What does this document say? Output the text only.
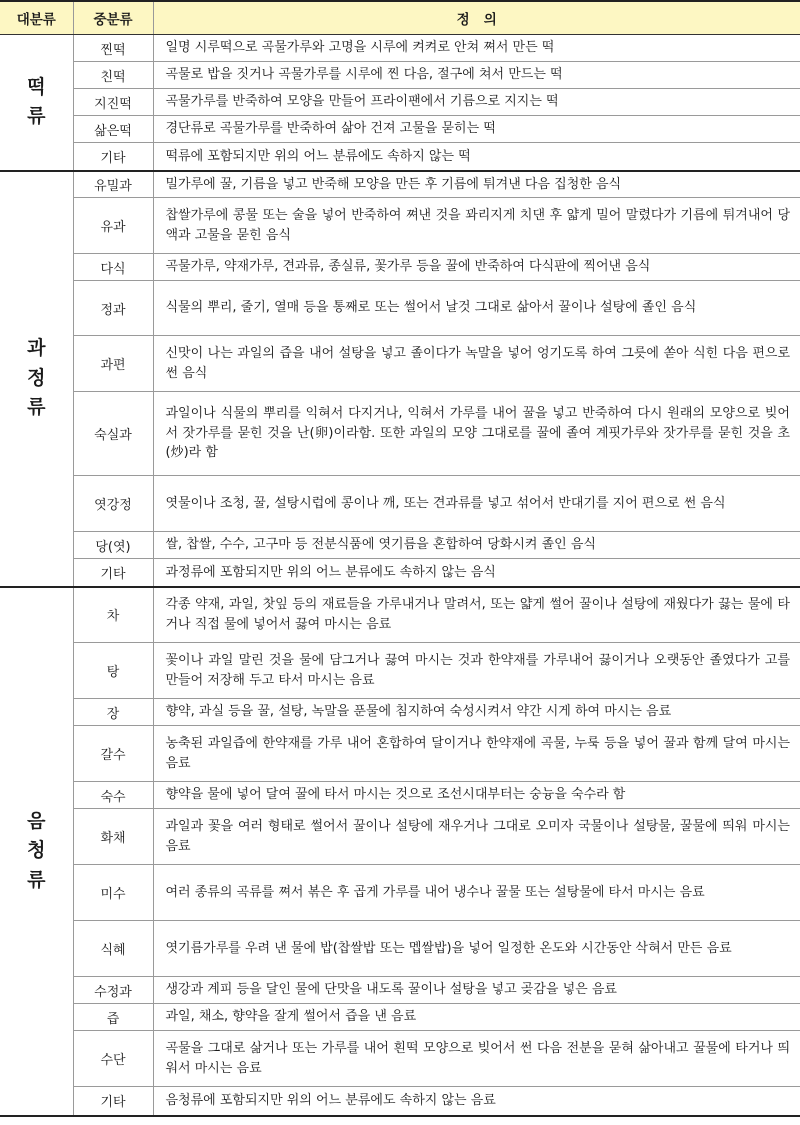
대분류	중분류	정   의
떡류	찐떡	일명 시루떡으로 곡물가루와 고명을 시루에 켜켜로 안쳐 쪄서 만든 떡
	친떡	곡물로 밥을 짓거나 곡물가루를 시루에 찐 다음, 절구에 쳐서 만드는 떡
	지진떡	곡물가루를 반죽하여 모양을 만들어 프라이팬에서 기름으로 지지는 떡
	삶은떡	경단류로 곡물가루를 반죽하여 삶아 건져 고물을 묻히는 떡
	기타	떡류에 포함되지만 위의 어느 분류에도 속하지 않는 떡
과정류	유밀과	밀가루에 꿀, 기름을 넣고 반죽해 모양을 만든 후 기름에 튀겨낸 다음 집청한 음식
	유과	찹쌀가루에 콩물 또는 술을 넣어 반죽하여 쪄낸 것을 꽈리지게 치댄 후 얇게 밀어 말렸다가 기름에 튀겨내어 당액과 고물을 묻힌 음식
	다식	곡물가루, 약재가루, 견과류, 종실류, 꽃가루 등을 꿀에 반죽하여 다식판에 찍어낸 음식
	정과	식물의 뿌리, 줄기, 열매 등을 통째로 또는 썰어서 날것 그대로 삶아서 꿀이나 설탕에 졸인 음식
	과편	신맛이 나는 과일의 즙을 내어 설탕을 넣고 졸이다가 녹말을 넣어 엉기도록 하여 그릇에 쏟아 식힌 다음 편으로 썬 음식
	숙실과	과일이나 식물의 뿌리를 익혀서 다지거나, 익혀서 가루를 내어 꿀을 넣고 반죽하여 다시 원래의 모양으로 빚어서 잣가루를 묻힌 것을 난(卵)이라함. 또한 과일의 모양 그대로를 꿀에 졸여 계핏가루와 잣가루를 묻힌 것을 초(炒)라 함
	엿강정	엿물이나 조청, 꿀, 설탕시럽에 콩이나 깨, 또는 견과류를 넣고 섞어서 반대기를 지어 편으로 썬 음식
	당(엿)	쌀, 찹쌀, 수수, 고구마 등 전분식품에 엿기름을 혼합하여 당화시켜 졸인 음식
	기타	과정류에 포함되지만 위의 어느 분류에도 속하지 않는 음식
음청류	차	각종 약재, 과일, 찻잎 등의 재료들을 가루내거나 말려서, 또는 얇게 썰어 꿀이나 설탕에 재웠다가 끓는 물에 타거나 직접 물에 넣어서 끓여 마시는 음료
	탕	꽃이나 과일 말린 것을 물에 담그거나 끓여 마시는 것과 한약재를 가루내어 끓이거나 오랫동안 졸였다가 고를 만들어 저장해 두고 타서 마시는 음료
	장	향약, 과실 등을 꿀, 설탕, 녹말을 푼물에 침지하여 숙성시켜서 약간 시게 하여 마시는 음료
	갈수	농축된 과일즙에 한약재를 가루 내어 혼합하여 달이거나 한약재에 곡물, 누룩 등을 넣어 꿀과 함께 달여 마시는 음료
	숙수	향약을 물에 넣어 달여 꿀에 타서 마시는 것으로 조선시대부터는 숭늉을 숙수라 함
	화채	과일과 꽃을 여러 형태로 썰어서 꿀이나 설탕에 재우거나 그대로 오미자 국물이나 설탕물, 꿀물에 띄워 마시는 음료
	미수	여러 종류의 곡류를 쪄서 볶은 후 곱게 가루를 내어 냉수나 꿀물 또는 설탕물에 타서 마시는 음료
	식혜	엿기름가루를 우려 낸 물에 밥(찹쌀밥 또는 멥쌀밥)을 넣어 일정한 온도와 시간동안 삭혀서 만든 음료
	수정과	생강과 계피 등을 달인 물에 단맛을 내도록 꿀이나 설탕을 넣고 곶감을 넣은 음료
	즙	과일, 채소, 향약을 잘게 썰어서 즙을 낸 음료
	수단	곡물을 그대로 삶거나 또는 가루를 내어 흰떡 모양으로 빚어서 썬 다음 전분을 묻혀 삶아내고 꿀물에 타거나 띄워서 마시는 음료
	기타	음청류에 포함되지만 위의 어느 분류에도 속하지 않는 음료
